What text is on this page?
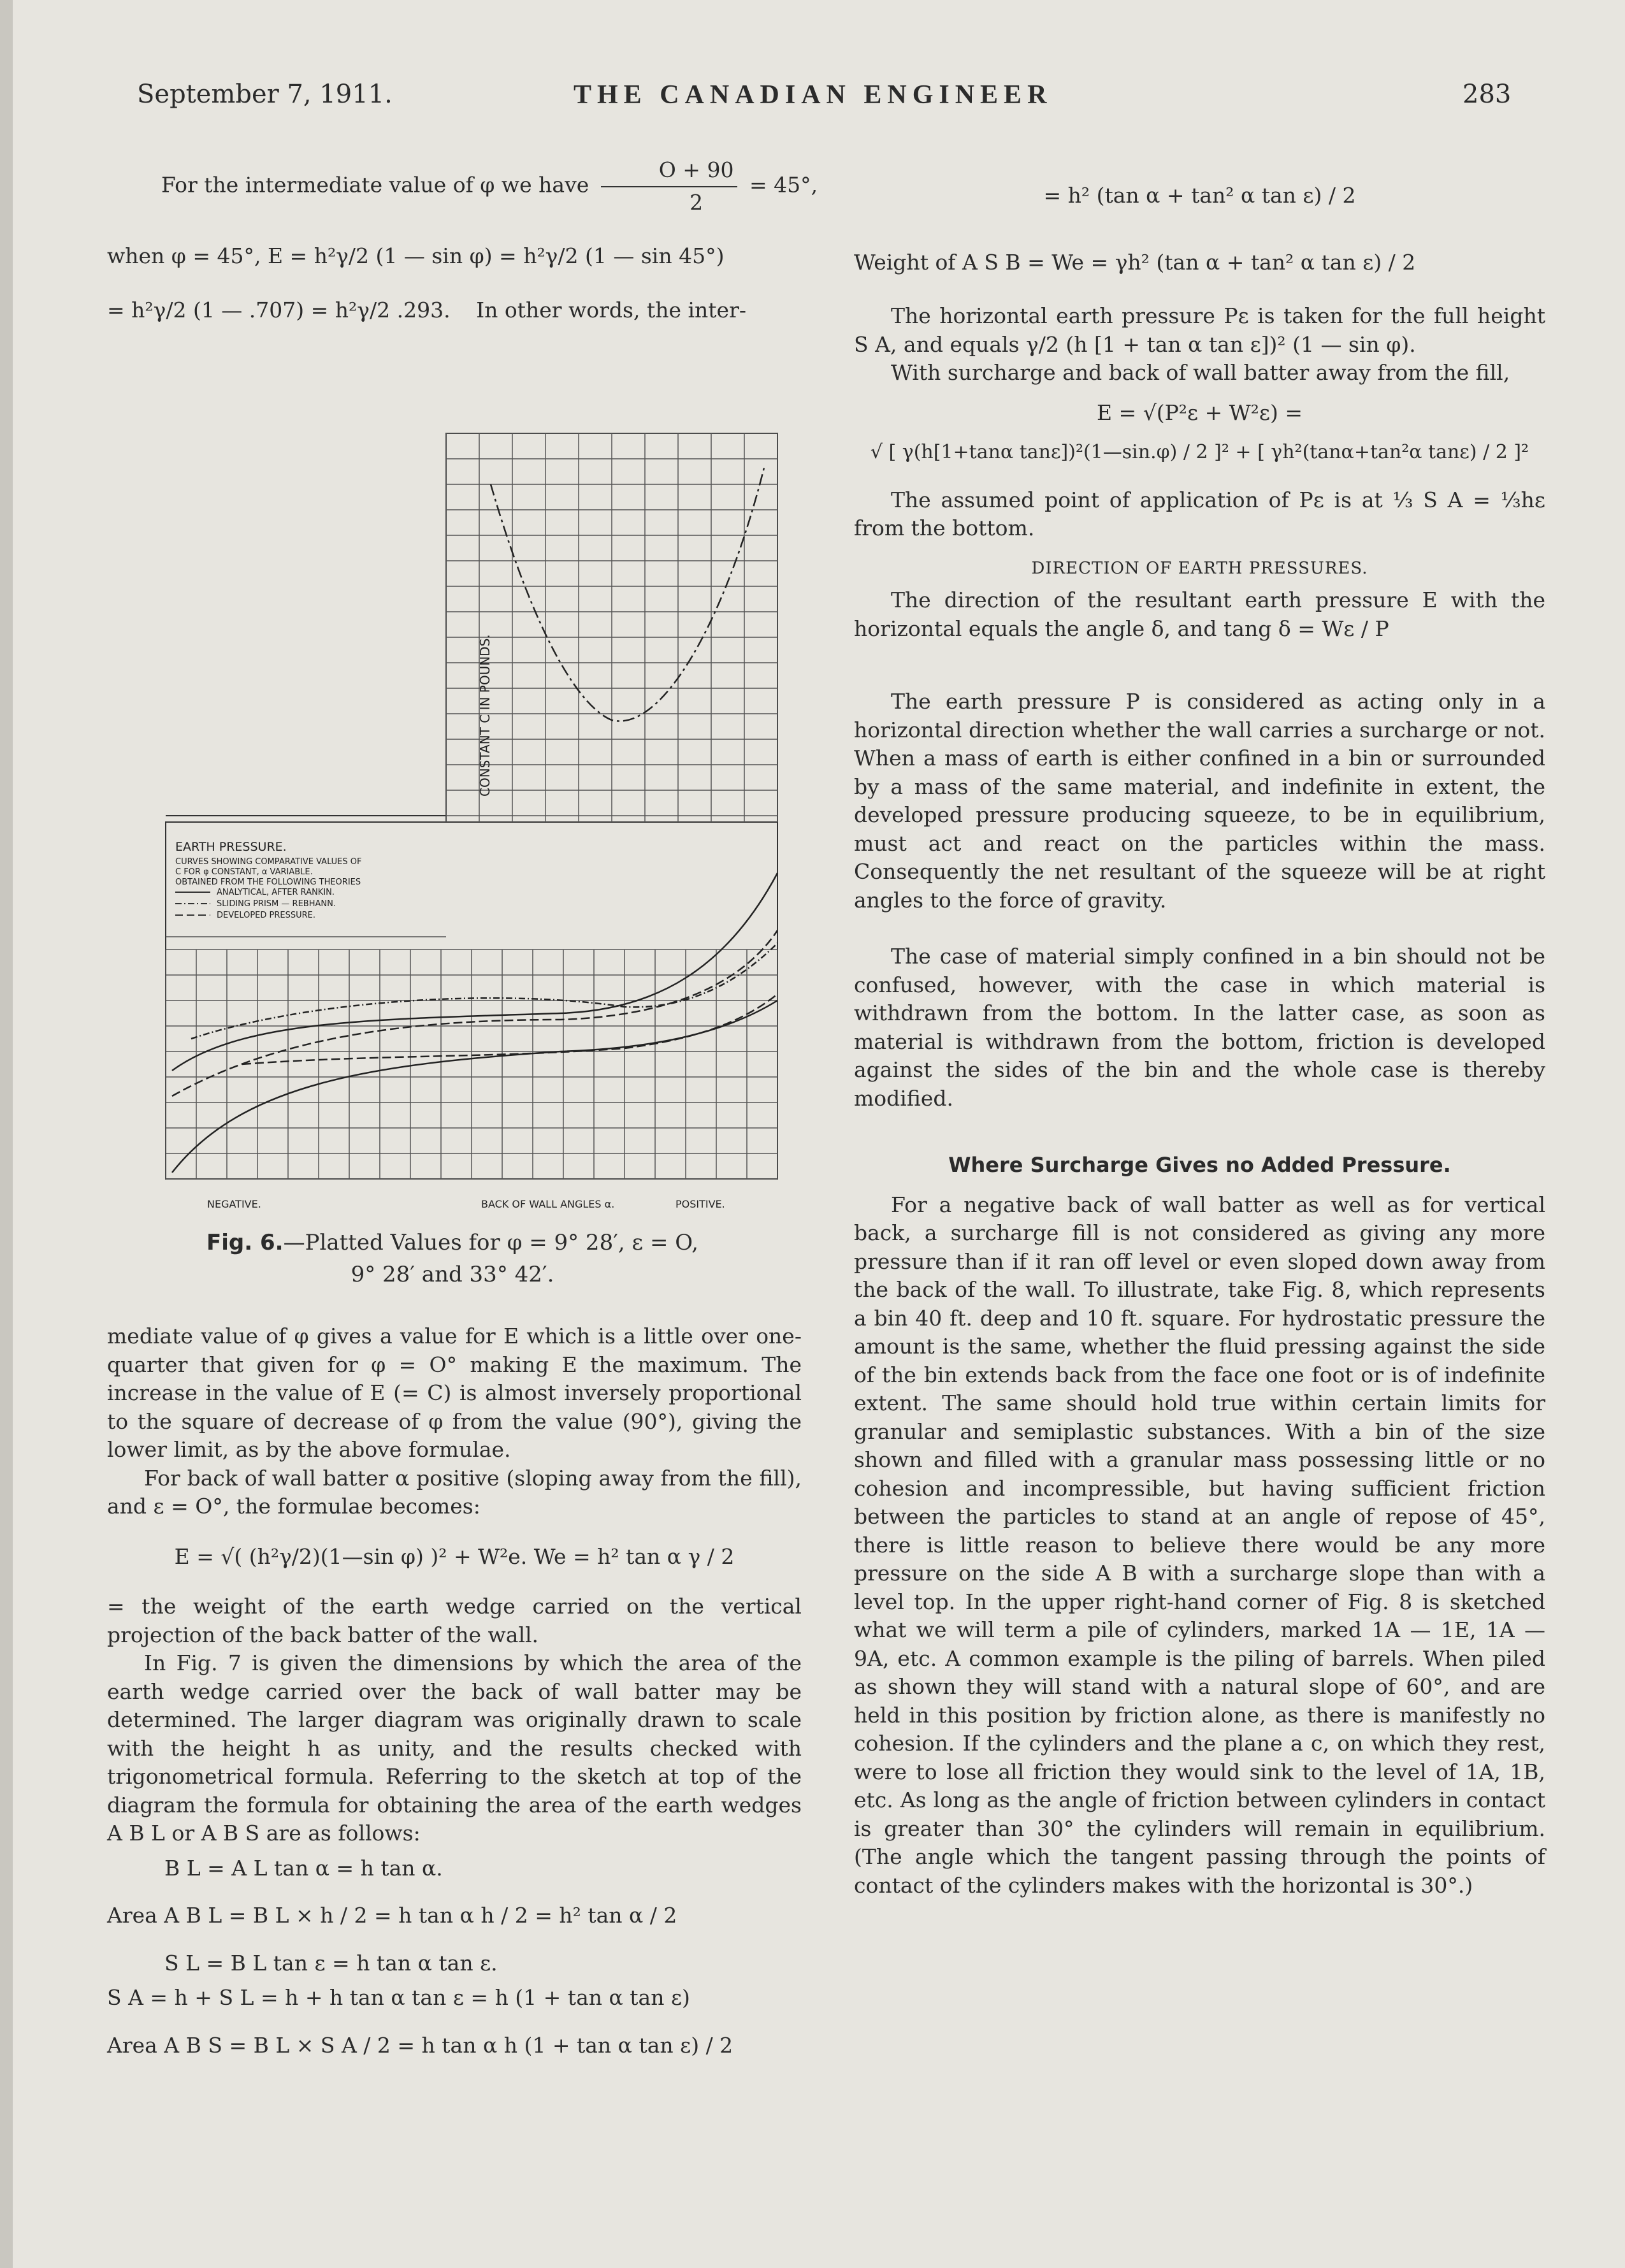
September 7, 1911.	THE CANADIAN ENGINEER	283
For the intermediate value of φ we have $\frac{O + 90}{2} = 45^\circ$,
when φ = 45°, E = h²γ/2 (1 — sin φ) = h²γ/2 (1 — sin 45°)
= h²γ/2 (1 — .707) = h²γ/2 .293. In other words, the inter-
EARTH PRESSURE.
CURVES SHOWING COMPARATIVE VALUES OF
C FOR φ CONSTANT, α VARIABLE.
OBTAINED FROM THE FOLLOWING THEORIES
ANALYTICAL, AFTER RANKIN.
SLIDING PRISM — REBHANN.
DEVELOPED PRESSURE.
CONSTANT C IN POUNDS.
NEGATIVE.	BACK OF WALL ANGLES α.	POSITIVE.
Fig. 6.—Platted Values for φ = 9° 28′, ε = O,
9° 28′ and 33° 42′.

mediate value of φ gives a value for E which is a little over one-quarter that given for φ = O° making E the maximum. The increase in the value of E (= C) is almost inversely proportional to the square of decrease of φ from the value (90°), giving the lower limit, as by the above formulae.

For back of wall batter α positive (sloping away from the fill), and ε = O°, the formulae becomes:

E = √( (h²γ/2)(1—sin φ) )² + W²e. We = h² tan α γ / 2

= the weight of the earth wedge carried on the vertical projection of the back batter of the wall.

In Fig. 7 is given the dimensions by which the area of the earth wedge carried over the back of wall batter may be determined. The larger diagram was originally drawn to scale with the height h as unity, and the results checked with trigonometrical formula. Referring to the sketch at top of the diagram the formula for obtaining the area of the earth wedges A B L or A B S are as follows:

B L = A L tan α = h tan α.
Area A B L = B L × h / 2 = h tan α h / 2 = h² tan α / 2
S L = B L tan ε = h tan α tan ε.
S A = h + S L = h + h tan α tan ε = h (1 + tan α tan ε)
Area A B S = B L × S A / 2 = h tan α h (1 + tan α tan ε) / 2
= h² (tan α + tan² α tan ε) / 2
Weight of A S B = We = γh² (tan α + tan² α tan ε) / 2

The horizontal earth pressure Pε is taken for the full height S A, and equals γ/2 (h [1 + tan α tan ε])² (1 — sin φ).

With surcharge and back of wall batter away from the fill,

E = √(P²ε + W²ε) =
√ [ γ(h[1+tanα tanε])²(1—sin.φ) / 2 ]² + [ γh²(tanα+tan²α tanε) / 2 ]²

The assumed point of application of Pε is at ⅓ S A = ⅓hε from the bottom.

DIRECTION OF EARTH PRESSURES.

The direction of the resultant earth pressure E with the horizontal equals the angle δ, and tang δ = Wε / P

The earth pressure P is considered as acting only in a horizontal direction whether the wall carries a surcharge or not. When a mass of earth is either confined in a bin or surrounded by a mass of the same material, and indefinite in extent, the developed pressure producing squeeze, to be in equilibrium, must act and react on the particles within the mass. Consequently the net resultant of the squeeze will be at right angles to the force of gravity.

The case of material simply confined in a bin should not be confused, however, with the case in which material is withdrawn from the bottom. In the latter case, as soon as material is withdrawn from the bottom, friction is developed against the sides of the bin and the whole case is thereby modified.

Where Surcharge Gives no Added Pressure.

For a negative back of wall batter as well as for vertical back, a surcharge fill is not considered as giving any more pressure than if it ran off level or even sloped down away from the back of the wall. To illustrate, take Fig. 8, which represents a bin 40 ft. deep and 10 ft. square. For hydrostatic pressure the amount is the same, whether the fluid pressing against the side of the bin extends back from the face one foot or is of indefinite extent. The same should hold true within certain limits for granular and semiplastic substances. With a bin of the size shown and filled with a granular mass possessing little or no cohesion and incompressible, but having sufficient friction between the particles to stand at an angle of repose of 45°, there is little reason to believe there would be any more pressure on the side A B with a surcharge slope than with a level top. In the upper right-hand corner of Fig. 8 is sketched what we will term a pile of cylinders, marked 1A — 1E, 1A — 9A, etc. A common example is the piling of barrels. When piled as shown they will stand with a natural slope of 60°, and are held in this position by friction alone, as there is manifestly no cohesion. If the cylinders and the plane a c, on which they rest, were to lose all friction they would sink to the level of 1A, 1B, etc. As long as the angle of friction between cylinders in contact is greater than 30° the cylinders will remain in equilibrium. (The angle which the tangent passing through the points of contact of the cylinders makes with the horizontal is 30°.)
